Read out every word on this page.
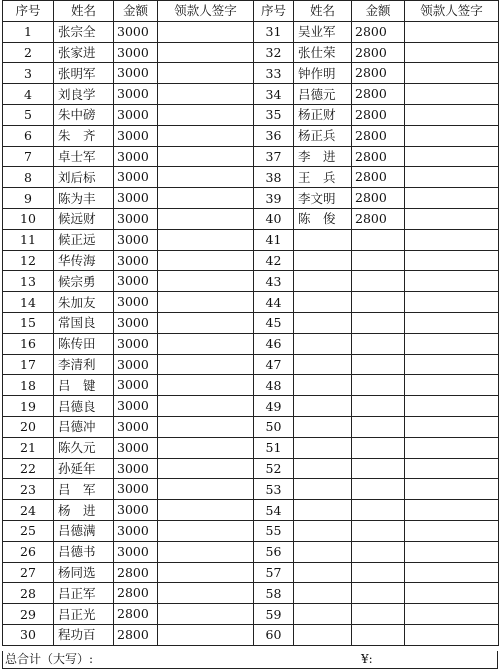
序号	姓名	金额	领款人签字	序号	姓名	金额	领款人签字
1	张宗全	3000		31	吴业军	2800	
2	张家进	3000		32	张仕荣	2800	
3	张明军	3000		33	钟作明	2800	
4	刘良学	3000		34	吕德元	2800	
5	朱中磅	3000		35	杨正财	2800	
6	朱　齐	3000		36	杨正兵	2800	
7	卓士军	3000		37	李　进	2800	
8	刘后标	3000		38	王　兵	2800	
9	陈为丰	3000		39	李文明	2800	
10	候远财	3000		40	陈　俊	2800	
11	候正远	3000		41			
12	华传海	3000		42			
13	候宗勇	3000		43			
14	朱加友	3000		44			
15	常国良	3000		45			
16	陈传田	3000		46			
17	李清利	3000		47			
18	吕　键	3000		48			
19	吕德良	3000		49			
20	吕德冲	3000		50			
21	陈久元	3000		51			
22	孙延年	3000		52			
23	吕　军	3000		53			
24	杨　进	3000		54			
25	吕德满	3000		55			
26	吕德书	3000		56			
27	杨同选	2800		57			
28	吕正军	2800		58			
29	吕正光	2800		59			
30	程功百	2800		60			
总合计（大写）:	¥:
